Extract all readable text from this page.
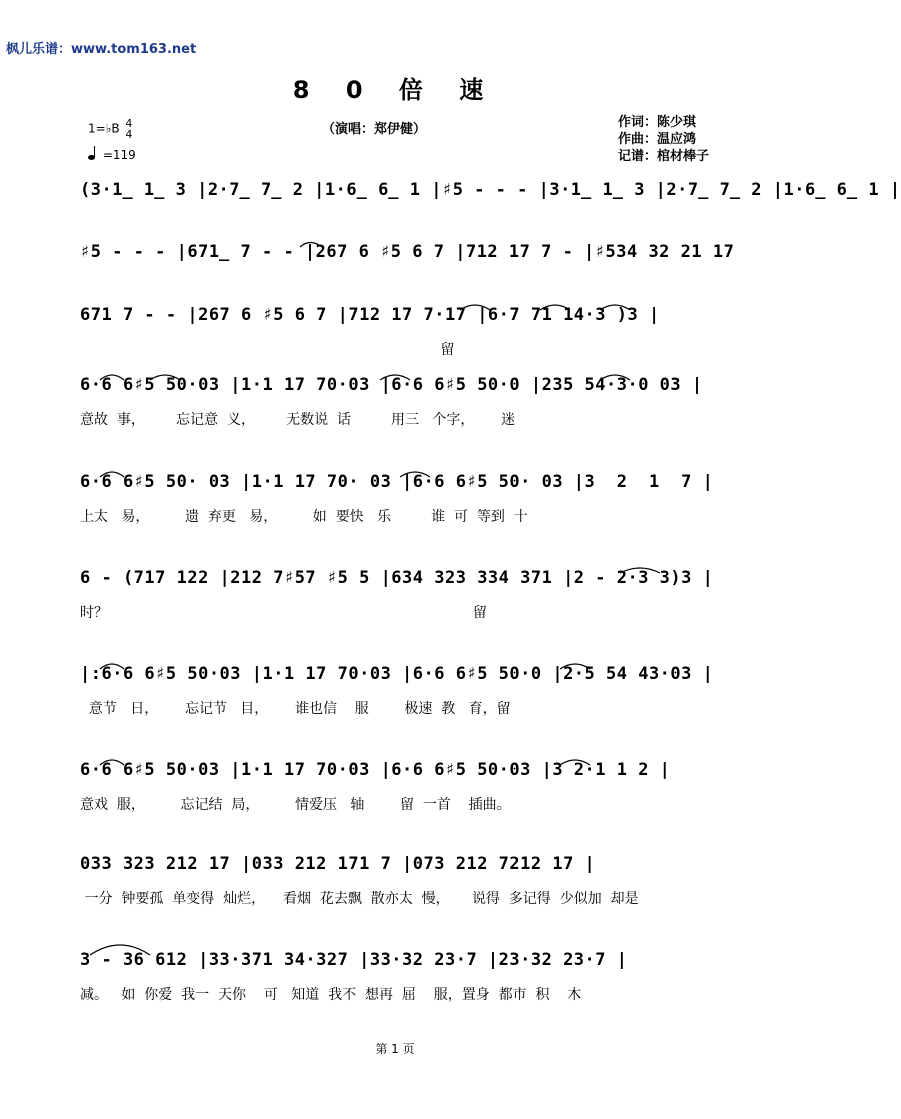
枫儿乐谱：www.tom163.net
8 0 倍 速
（演唱：郑伊健）	作词：陈少琪
作曲：温应鸿
记谱：棺材棒子
1=♭B 4
4
=119
(3·1̲ 1̲ 3 |2·7̲ 7̲ 2 |1·6̲ 6̲ 1 |♯5 - - - |3·1̲ 1̲ 3 |2·7̲ 7̲ 2 |1·6̲ 6̲ 1 |
♯5 - - - |671̲ 7 - - |267 6 ♯5 6 7 |712 17 7 - |♯534 32 21 17
671 7 - - |267 6 ♯5 6 7 |712 17 7·17 |6·7 71 14·3 )3 |
留
6·6 6♯5 50·03 |1·1 17 70·03 |6·6 6♯5 50·0 |235 54·3·0 03 |
意故  事，       忘记意  义，       无数说  话         用三   个字，      迷
6·6 6♯5 50· 03 |1·1 17 70· 03 |6·6 6♯5 50· 03 |3  2  1  7 |
上太   易，        遗  弃更   易，        如  要快   乐         谁  可  等到  十
6 - (717 122 |212 7♯57 ♯5 5 |634 323 334 371 |2 - 2·3 3)3 |
时？                                                                                  留
|:6·6 6♯5 50·03 |1·1 17 70·03 |6·6 6♯5 50·0 |2·5 54 43·03 |
意节   日，      忘记节   目，      谁也信    服        极速  教   育，留
6·6 6♯5 50·03 |1·1 17 70·03 |6·6 6♯5 50·03 |3 2·1 1 2 |
意戏  服，        忘记结  局，        情爱压   轴        留  一首    插曲。
033 323 212 17 |033 212 171 7 |073 212 7212 17 |
一分  钟要孤  单变得  灿烂，    看烟  花去飘  散亦太  慢，     说得  多记得  少似加  却是
3 - 36 612 |33·371 34·327 |33·32 23·7 |23·32 23·7 |
减。   如  你爱  我一  天你    可   知道  我不  想再  屈    服，置身  都市  积    木
第 1 页
